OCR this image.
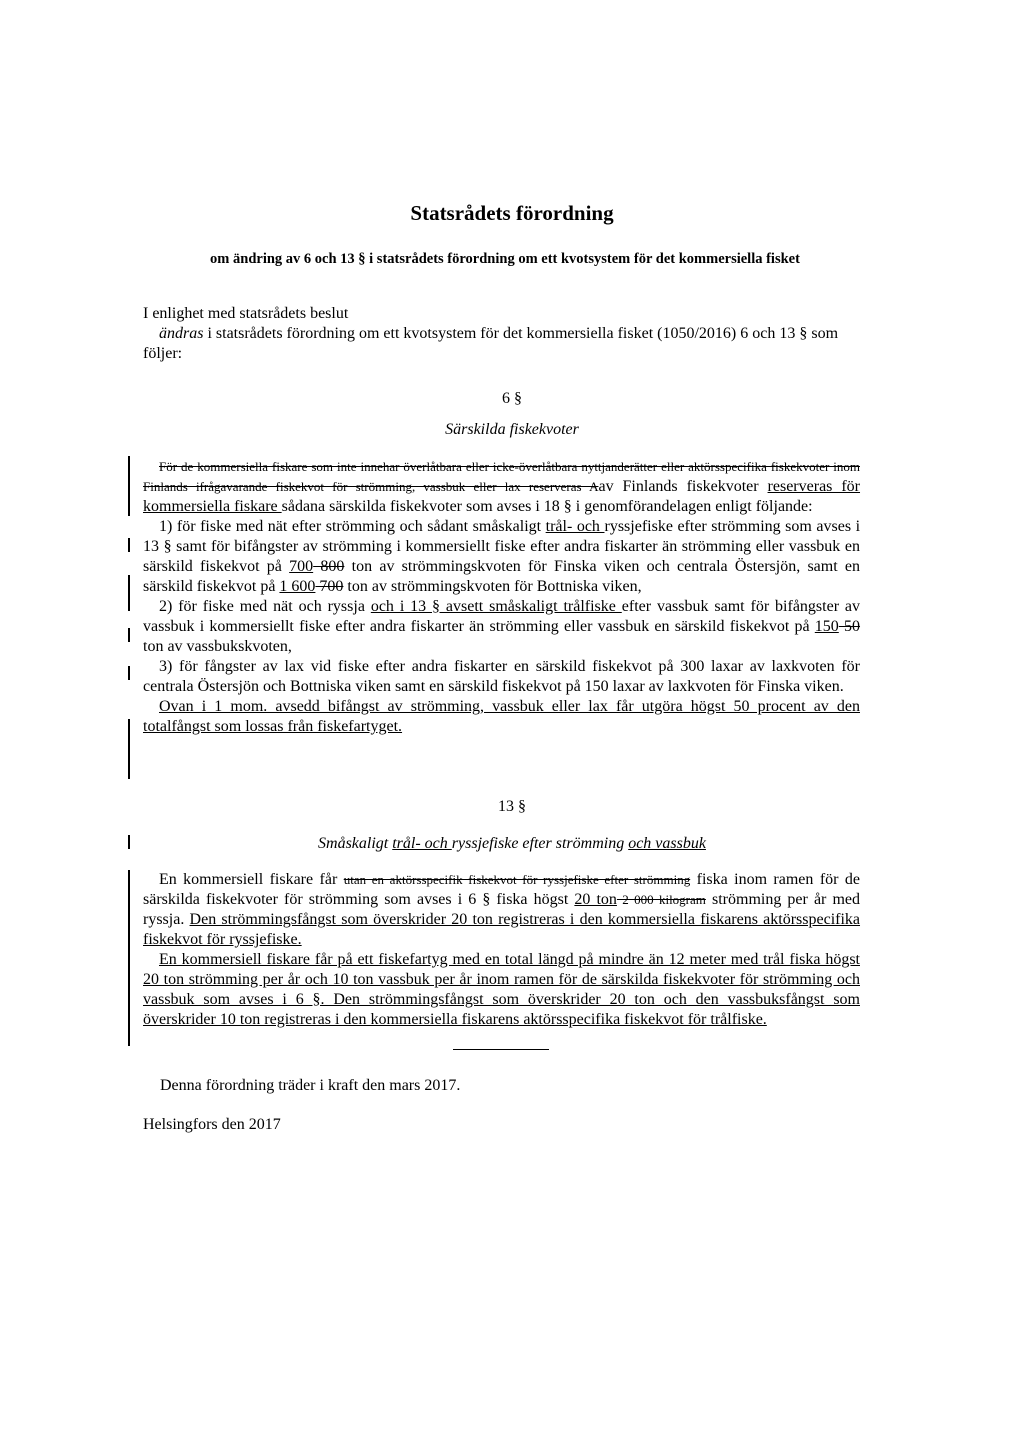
Statsrådets förordning
om ändring av 6 och 13 § i statsrådets förordning om ett kvotsystem för det kommersiella fisket
I enlighet med statsrådets beslut
ändras i statsrådets förordning om ett kvotsystem för det kommersiella fisket (1050/2016) 6 och 13 § som följer:
6 §
Särskilda fiskekvoter

För de kommersiella fiskare som inte innehar överlåtbara eller icke-överlåtbara nyttjanderätter eller aktörsspecifika fiskekvoter inom Finlands ifrågavarande fiskekvot för strömming, vassbuk eller lax reserveras Aav Finlands fiskekvoter reserveras för kommersiella fiskare sådana särskilda fiskekvoter som avses i 18 § i genomförandelagen enligt följande:

1) för fiske med nät efter strömming och sådant småskaligt trål- och ryssjefiske efter strömming som avses i 13 § samt för bifångster av strömming i kommersiellt fiske efter andra fiskarter än strömming eller vassbuk en särskild fiskekvot på 700 800 ton av strömmingskvoten för Finska viken och centrala Östersjön, samt en särskild fiskekvot på 1 600 700 ton av strömmingskvoten för Bottniska viken,

2) för fiske med nät och ryssja och i 13 § avsett småskaligt trålfiske efter vassbuk samt för bifångster av vassbuk i kommersiellt fiske efter andra fiskarter än strömming eller vassbuk en särskild fiskekvot på 150 50 ton av vassbukskvoten,

3) för fångster av lax vid fiske efter andra fiskarter en särskild fiskekvot på 300 laxar av laxkvoten för centrala Östersjön och Bottniska viken samt en särskild fiskekvot på 150 laxar av laxkvoten för Finska viken.

Ovan i 1 mom. avsedd bifångst av strömming, vassbuk eller lax får utgöra högst 50 procent av den totalfångst som lossas från fiskefartyget.

13 §
Småskaligt trål- och ryssjefiske efter strömming och vassbuk

En kommersiell fiskare får utan en aktörsspecifik fiskekvot för ryssjefiske efter strömming fiska inom ramen för de särskilda fiskekvoter för strömming som avses i 6 § fiska högst 20 ton 2 000 kilogram strömming per år med ryssja. Den strömmingsfångst som överskrider 20 ton registreras i den kommersiella fiskarens aktörsspecifika fiskekvot för ryssjefiske.

En kommersiell fiskare får på ett fiskefartyg med en total längd på mindre än 12 meter med trål fiska högst 20 ton strömming per år och 10 ton vassbuk per år inom ramen för de särskilda fiskekvoter för strömming och vassbuk som avses i 6 §. Den strömmingsfångst som överskrider 20 ton och den vassbuksfångst som överskrider 10 ton registreras i den kommersiella fiskarens aktörsspecifika fiskekvot för trålfiske.

Denna förordning träder i kraft den mars 2017.
Helsingfors den 2017
